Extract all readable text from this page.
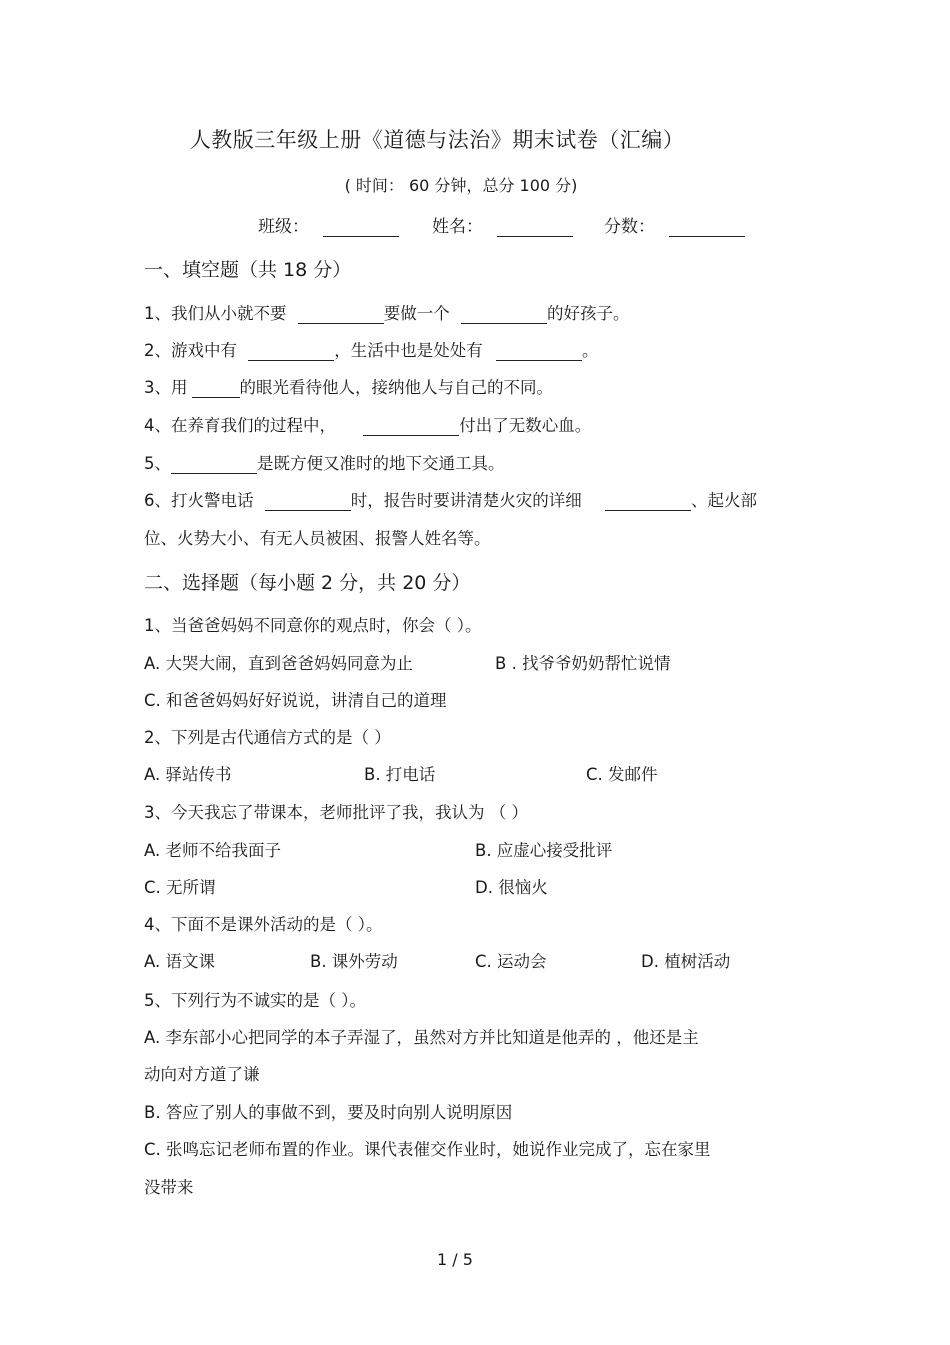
人教版三年级上册《道德与法治》期末试卷（汇编）
( 时间： 60 分钟，总分 100 分)
班级：	姓名：	分数：
一、填空题（共 18 分）
1、我们从小就不要	要做一个	的好孩子。
2、游戏中有	，生活中也是处处有	。
3、用	的眼光看待他人，接纳他人与自己的不同。
4、在养育我们的过程中，	付出了无数心血。
5、	是既方便又准时的地下交通工具。
6、打火警电话	时，报告时要讲清楚火灾的详细	、起火部
位、火势大小、有无人员被困、报警人姓名等。
二、选择题（每小题 2 分，共 20 分）
1、当爸爸妈妈不同意你的观点时，你会（ ）。
A. 大哭大闹，直到爸爸妈妈同意为止	B . 找爷爷奶奶帮忙说情
C. 和爸爸妈妈好好说说，讲清自己的道理
2、下列是古代通信方式的是（ ）
A. 驿站传书	B. 打电话	C. 发邮件
3、今天我忘了带课本，老师批评了我，我认为 （ ）
A. 老师不给我面子	B. 应虚心接受批评
C. 无所谓	D. 很恼火
4、下面不是课外活动的是（ ）。
A. 语文课	B. 课外劳动	C. 运动会	D. 植树活动
5、下列行为不诚实的是（ ）。
A. 李东部小心把同学的本子弄湿了，虽然对方并比知道是他弄的 ，他还是主
动向对方道了谦
B. 答应了别人的事做不到，要及时向别人说明原因
C. 张鸣忘记老师布置的作业。课代表催交作业时，她说作业完成了，忘在家里
没带来
1 / 5
